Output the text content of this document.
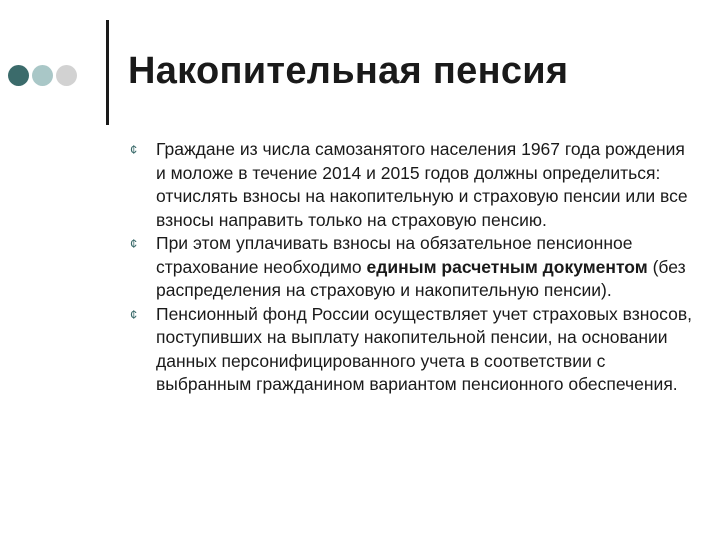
Накопительная пенсия
¢	Граждане из числа самозанятого населения 1967 года рождения и моложе в течение 2014 и 2015 годов должны определиться: отчислять взносы на накопительную и страховую пенсии или все взносы направить только на страховую пенсию.
¢	При этом уплачивать взносы на обязательное пенсионное страхование необходимо единым расчетным документом (без распределения на страховую и накопительную пенсии).
¢	Пенсионный фонд России осуществляет учет страховых взносов, поступивших на выплату накопительной пенсии, на основании данных персонифицированного учета в соответствии с выбранным гражданином вариантом пенсионного обеспечения.
